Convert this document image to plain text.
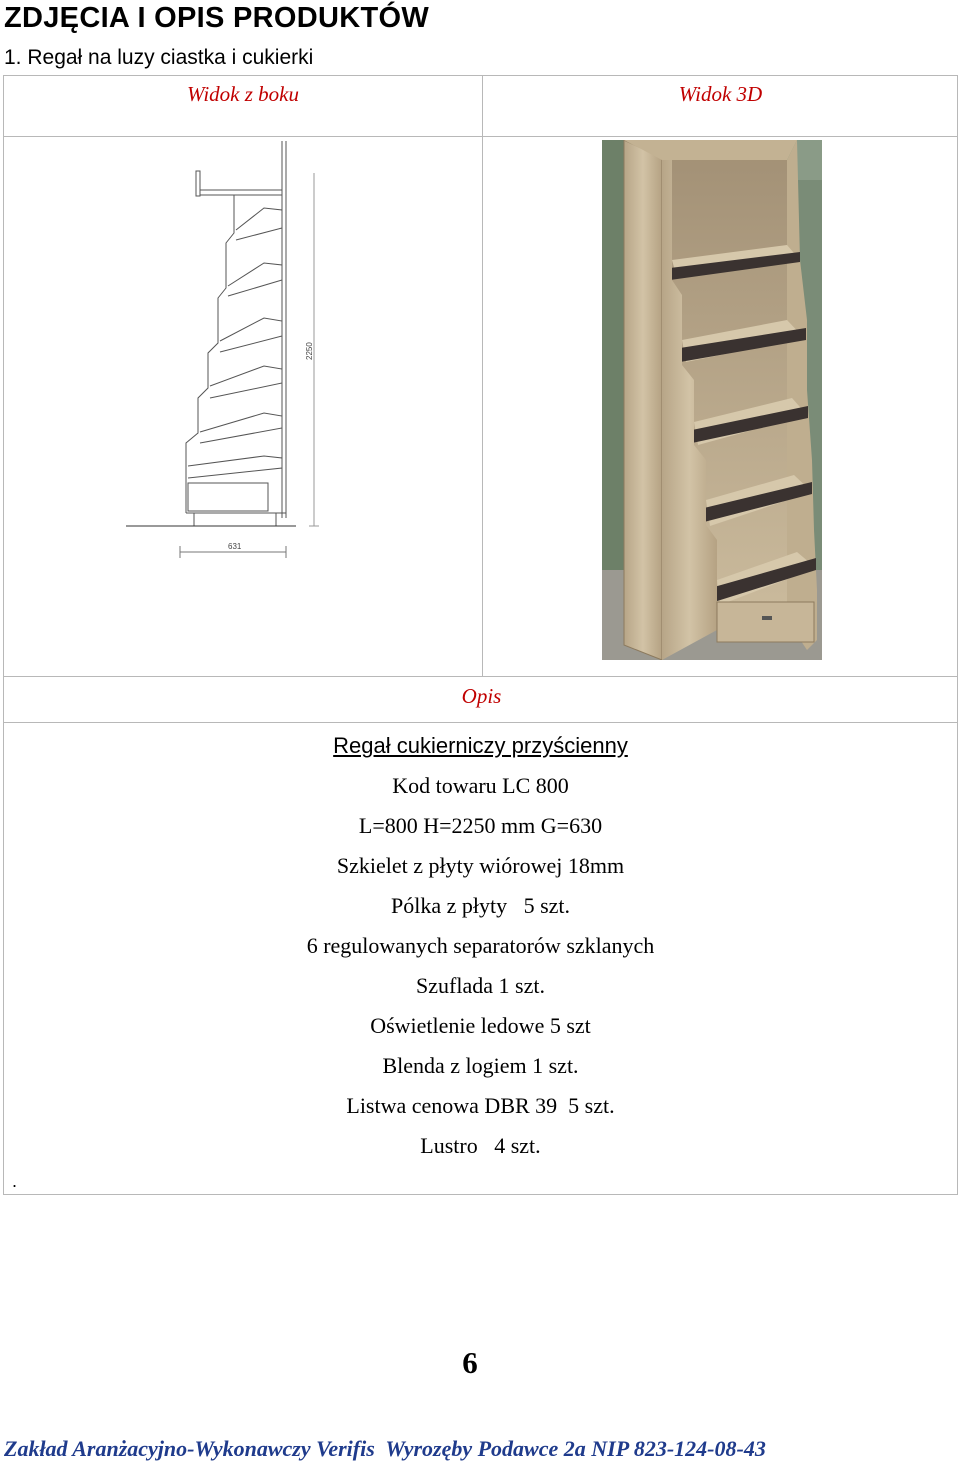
ZDJĘCIA I OPIS PRODUKTÓW
1. Regał na luzy ciastka i cukierki
Widok z boku	Widok 3D
Opis
2250
631
Regał cukierniczy przyścienny
Kod towaru LC 800
L=800 H=2250 mm G=630
Szkielet z płyty wiórowej 18mm
Pólka z płyty   5 szt.
6 regulowanych separatorów szklanych
Szuflada 1 szt.
Oświetlenie ledowe 5 szt
Blenda z logiem 1 szt.
Listwa cenowa DBR 39  5 szt.
Lustro   4 szt.
.
6
Zakład Aranżacyjno-Wykonawczy Verifis  Wyrozęby Podawce 2a NIP 823-124-08-43
